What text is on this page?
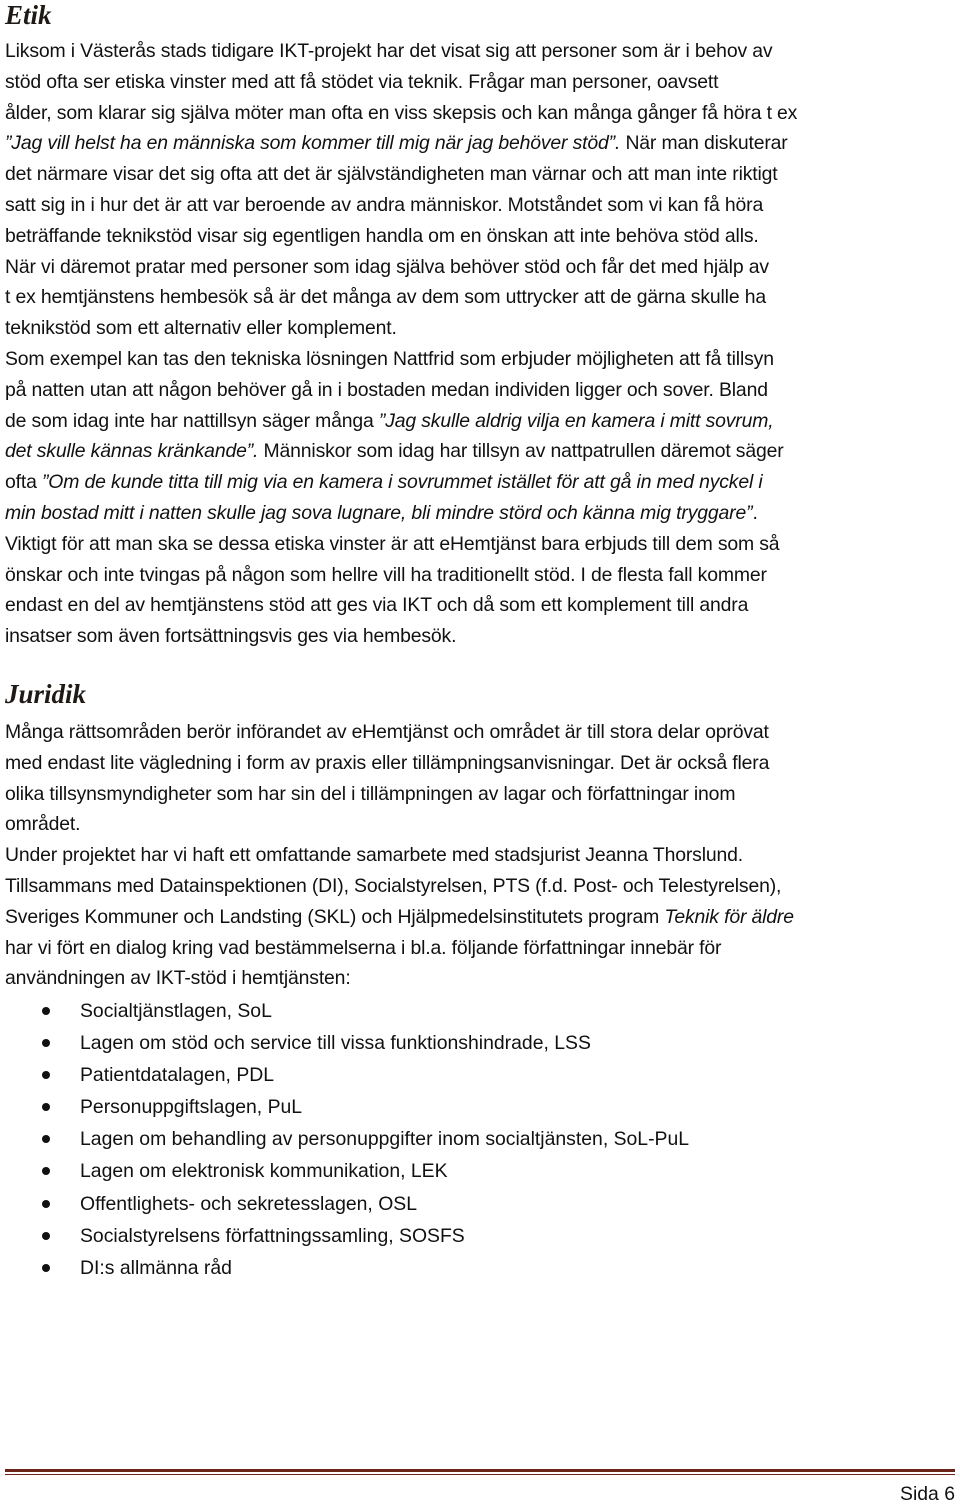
Etik
Liksom i Västerås stads tidigare IKT-projekt har det visat sig att personer som är i behov av
stöd ofta ser etiska vinster med att få stödet via teknik. Frågar man personer, oavsett
ålder, som klarar sig själva möter man ofta en viss skepsis och kan många gånger få höra t ex
”Jag vill helst ha en människa som kommer till mig när jag behöver stöd”. När man diskuterar
det närmare visar det sig ofta att det är självständigheten man värnar och att man inte riktigt
satt sig in i hur det är att var beroende av andra människor. Motståndet som vi kan få höra
beträffande teknikstöd visar sig egentligen handla om en önskan att inte behöva stöd alls.
När vi däremot pratar med personer som idag själva behöver stöd och får det med hjälp av
t ex hemtjänstens hembesök så är det många av dem som uttrycker att de gärna skulle ha
teknikstöd som ett alternativ eller komplement.
Som exempel kan tas den tekniska lösningen Nattfrid som erbjuder möjligheten att få tillsyn
på natten utan att någon behöver gå in i bostaden medan individen ligger och sover. Bland
de som idag inte har nattillsyn säger många ”Jag skulle aldrig vilja en kamera i mitt sovrum,
det skulle kännas kränkande”. Människor som idag har tillsyn av nattpatrullen däremot säger
ofta ”Om de kunde titta till mig via en kamera i sovrummet istället för att gå in med nyckel i
min bostad mitt i natten skulle jag sova lugnare, bli mindre störd och känna mig tryggare”.
Viktigt för att man ska se dessa etiska vinster är att eHemtjänst bara erbjuds till dem som så
önskar och inte tvingas på någon som hellre vill ha traditionellt stöd. I de flesta fall kommer
endast en del av hemtjänstens stöd att ges via IKT och då som ett komplement till andra
insatser som även fortsättningsvis ges via hembesök.
Juridik
Många rättsområden berör införandet av eHemtjänst och området är till stora delar oprövat
med endast lite vägledning i form av praxis eller tillämpningsanvisningar. Det är också flera
olika tillsynsmyndigheter som har sin del i tillämpningen av lagar och författningar inom
området.
Under projektet har vi haft ett omfattande samarbete med stadsjurist Jeanna Thorslund.
Tillsammans med Datainspektionen (DI), Socialstyrelsen, PTS (f.d. Post- och Telestyrelsen),
Sveriges Kommuner och Landsting (SKL) och Hjälpmedelsinstitutets program Teknik för äldre
har vi fört en dialog kring vad bestämmelserna i bl.a. följande författningar innebär för
användningen av IKT-stöd i hemtjänsten:
Socialtjänstlagen, SoL
Lagen om stöd och service till vissa funktionshindrade, LSS
Patientdatalagen, PDL
Personuppgiftslagen, PuL
Lagen om behandling av personuppgifter inom socialtjänsten, SoL-PuL
Lagen om elektronisk kommunikation, LEK
Offentlighets- och sekretesslagen, OSL
Socialstyrelsens författningssamling, SOSFS
DI:s allmänna råd
Sida 6
